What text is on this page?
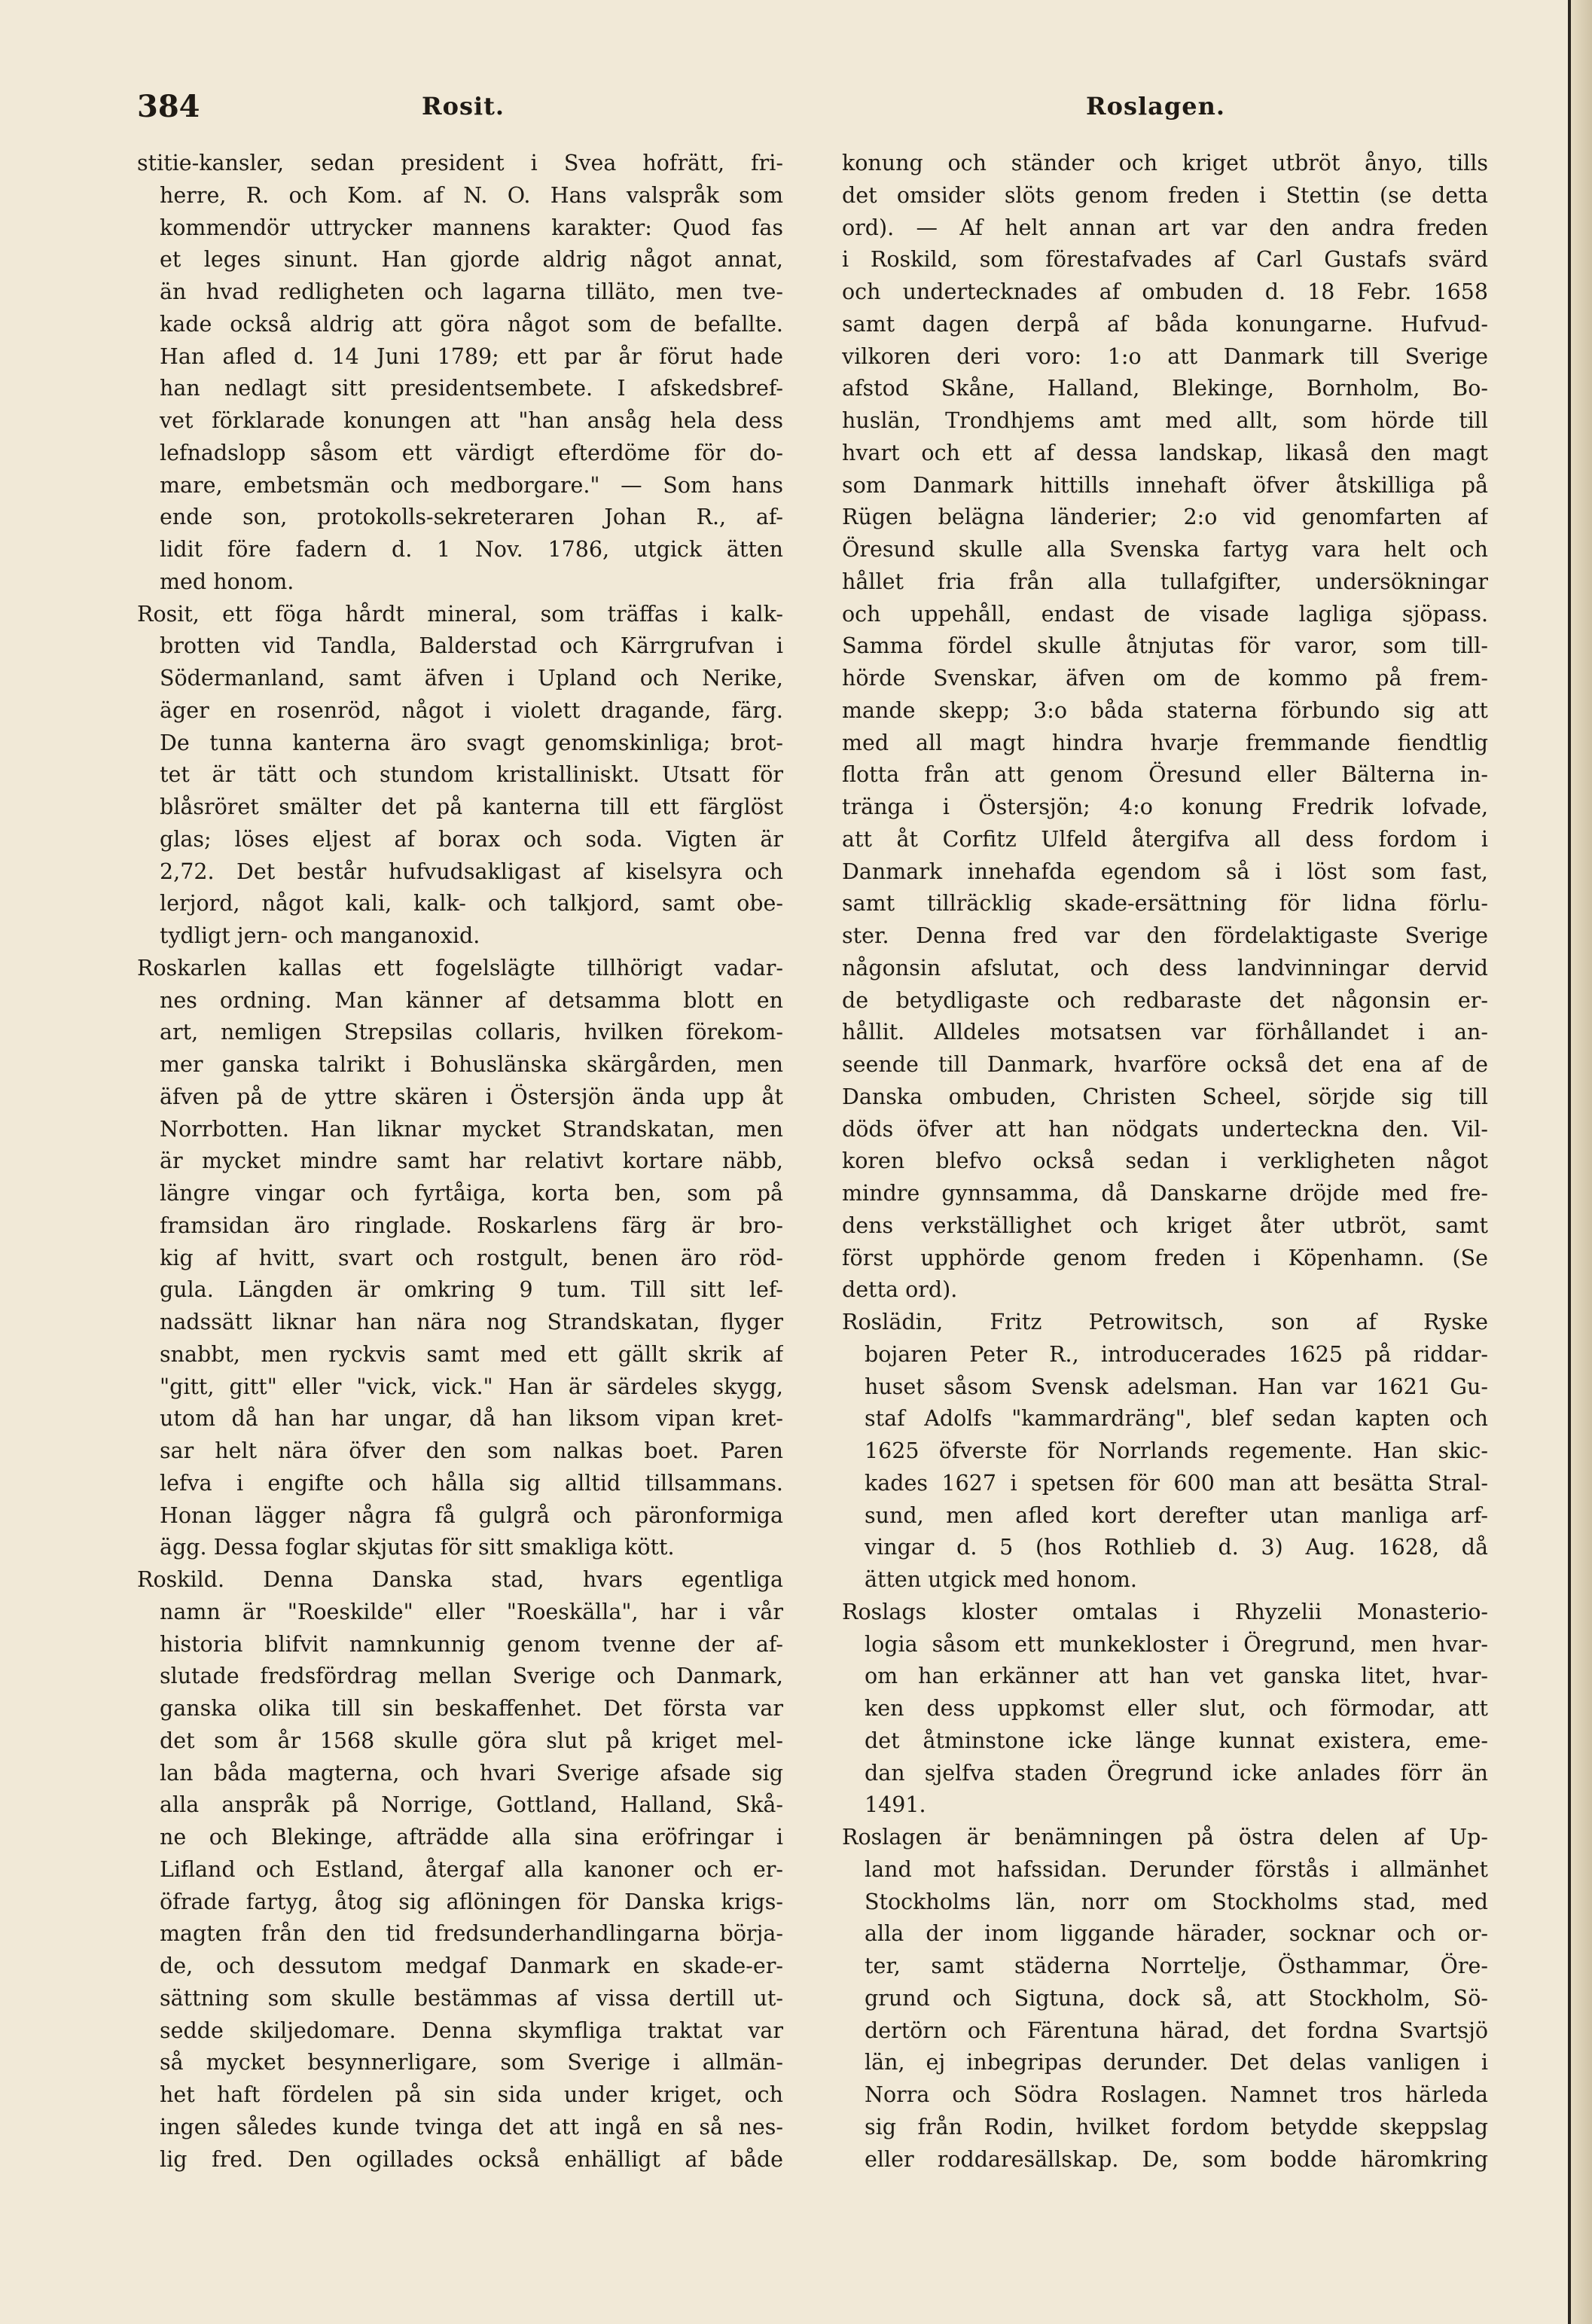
384	Rosit.	Roslagen.
stitie-kansler, sedan president i Svea hofrätt, fri-
herre, R. och Kom. af N. O. Hans valspråk som
kommendör uttrycker mannens karakter: Quod fas
et leges sinunt. Han gjorde aldrig något annat,
än hvad redligheten och lagarna tilläto, men tve-
kade också aldrig att göra något som de befallte.
Han afled d. 14 Juni 1789; ett par år förut hade
han nedlagt sitt presidentsembete. I afskedsbref-
vet förklarade konungen att "han ansåg hela dess
lefnadslopp såsom ett värdigt efterdöme för do-
mare, embetsmän och medborgare." — Som hans
ende son, protokolls-sekreteraren Johan R., af-
lidit före fadern d. 1 Nov. 1786, utgick ätten
med honom.
Rosit, ett föga hårdt mineral, som träffas i kalk-
brotten vid Tandla, Balderstad och Kärrgrufvan i
Södermanland, samt äfven i Upland och Nerike,
äger en rosenröd, något i violett dragande, färg.
De tunna kanterna äro svagt genomskinliga; brot-
tet är tätt och stundom kristalliniskt. Utsatt för
blåsröret smälter det på kanterna till ett färglöst
glas; löses eljest af borax och soda. Vigten är
2,72. Det består hufvudsakligast af kiselsyra och
lerjord, något kali, kalk- och talkjord, samt obe-
tydligt jern- och manganoxid.
Roskarlen kallas ett fogelslägte tillhörigt vadar-
nes ordning. Man känner af detsamma blott en
art, nemligen Strepsilas collaris, hvilken förekom-
mer ganska talrikt i Bohuslänska skärgården, men
äfven på de yttre skären i Östersjön ända upp åt
Norrbotten. Han liknar mycket Strandskatan, men
är mycket mindre samt har relativt kortare näbb,
längre vingar och fyrtåiga, korta ben, som på
framsidan äro ringlade. Roskarlens färg är bro-
kig af hvitt, svart och rostgult, benen äro röd-
gula. Längden är omkring 9 tum. Till sitt lef-
nadssätt liknar han nära nog Strandskatan, flyger
snabbt, men ryckvis samt med ett gällt skrik af
"gitt, gitt" eller "vick, vick." Han är särdeles skygg,
utom då han har ungar, då han liksom vipan kret-
sar helt nära öfver den som nalkas boet. Paren
lefva i engifte och hålla sig alltid tillsammans.
Honan lägger några få gulgrå och päronformiga
ägg. Dessa foglar skjutas för sitt smakliga kött.
Roskild. Denna Danska stad, hvars egentliga
namn är "Roeskilde" eller "Roeskälla", har i vår
historia blifvit namnkunnig genom tvenne der af-
slutade fredsfördrag mellan Sverige och Danmark,
ganska olika till sin beskaffenhet. Det första var
det som år 1568 skulle göra slut på kriget mel-
lan båda magterna, och hvari Sverige afsade sig
alla anspråk på Norrige, Gottland, Halland, Skå-
ne och Blekinge, afträdde alla sina eröfringar i
Lifland och Estland, återgaf alla kanoner och er-
öfrade fartyg, åtog sig aflöningen för Danska krigs-
magten från den tid fredsunderhandlingarna börja-
de, och dessutom medgaf Danmark en skade-er-
sättning som skulle bestämmas af vissa dertill ut-
sedde skiljedomare. Denna skymfliga traktat var
så mycket besynnerligare, som Sverige i allmän-
het haft fördelen på sin sida under kriget, och
ingen således kunde tvinga det att ingå en så nes-
lig fred. Den ogillades också enhälligt af både
konung och ständer och kriget utbröt ånyo, tills
det omsider slöts genom freden i Stettin (se detta
ord). — Af helt annan art var den andra freden
i Roskild, som förestafvades af Carl Gustafs svärd
och undertecknades af ombuden d. 18 Febr. 1658
samt dagen derpå af båda konungarne. Hufvud-
vilkoren deri voro: 1:o att Danmark till Sverige
afstod Skåne, Halland, Blekinge, Bornholm, Bo-
huslän, Trondhjems amt med allt, som hörde till
hvart och ett af dessa landskap, likaså den magt
som Danmark hittills innehaft öfver åtskilliga på
Rügen belägna länderier; 2:o vid genomfarten af
Öresund skulle alla Svenska fartyg vara helt och
hållet fria från alla tullafgifter, undersökningar
och uppehåll, endast de visade lagliga sjöpass.
Samma fördel skulle åtnjutas för varor, som till-
hörde Svenskar, äfven om de kommo på frem-
mande skepp; 3:o båda staterna förbundo sig att
med all magt hindra hvarje fremmande fiendtlig
flotta från att genom Öresund eller Bälterna in-
tränga i Östersjön; 4:o konung Fredrik lofvade,
att åt Corfitz Ulfeld återgifva all dess fordom i
Danmark innehafda egendom så i löst som fast,
samt tillräcklig skade-ersättning för lidna förlu-
ster. Denna fred var den fördelaktigaste Sverige
någonsin afslutat, och dess landvinningar dervid
de betydligaste och redbaraste det någonsin er-
hållit. Alldeles motsatsen var förhållandet i an-
seende till Danmark, hvarföre också det ena af de
Danska ombuden, Christen Scheel, sörjde sig till
döds öfver att han nödgats underteckna den. Vil-
koren blefvo också sedan i verkligheten något
mindre gynnsamma, då Danskarne dröjde med fre-
dens verkställighet och kriget åter utbröt, samt
först upphörde genom freden i Köpenhamn. (Se
detta ord).
Roslädin, Fritz Petrowitsch, son af Ryske
bojaren Peter R., introducerades 1625 på riddar-
huset såsom Svensk adelsman. Han var 1621 Gu-
staf Adolfs "kammardräng", blef sedan kapten och
1625 öfverste för Norrlands regemente. Han skic-
kades 1627 i spetsen för 600 man att besätta Stral-
sund, men afled kort derefter utan manliga arf-
vingar d. 5 (hos Rothlieb d. 3) Aug. 1628, då
ätten utgick med honom.
Roslags kloster omtalas i Rhyzelii Monasterio-
logia såsom ett munkekloster i Öregrund, men hvar-
om han erkänner att han vet ganska litet, hvar-
ken dess uppkomst eller slut, och förmodar, att
det åtminstone icke länge kunnat existera, eme-
dan sjelfva staden Öregrund icke anlades förr än
1491.
Roslagen är benämningen på östra delen af Up-
land mot hafssidan. Derunder förstås i allmänhet
Stockholms län, norr om Stockholms stad, med
alla der inom liggande härader, socknar och or-
ter, samt städerna Norrtelje, Östhammar, Öre-
grund och Sigtuna, dock så, att Stockholm, Sö-
dertörn och Färentuna härad, det fordna Svartsjö
län, ej inbegripas derunder. Det delas vanligen i
Norra och Södra Roslagen. Namnet tros härleda
sig från Rodin, hvilket fordom betydde skeppslag
eller roddaresällskap. De, som bodde häromkring
